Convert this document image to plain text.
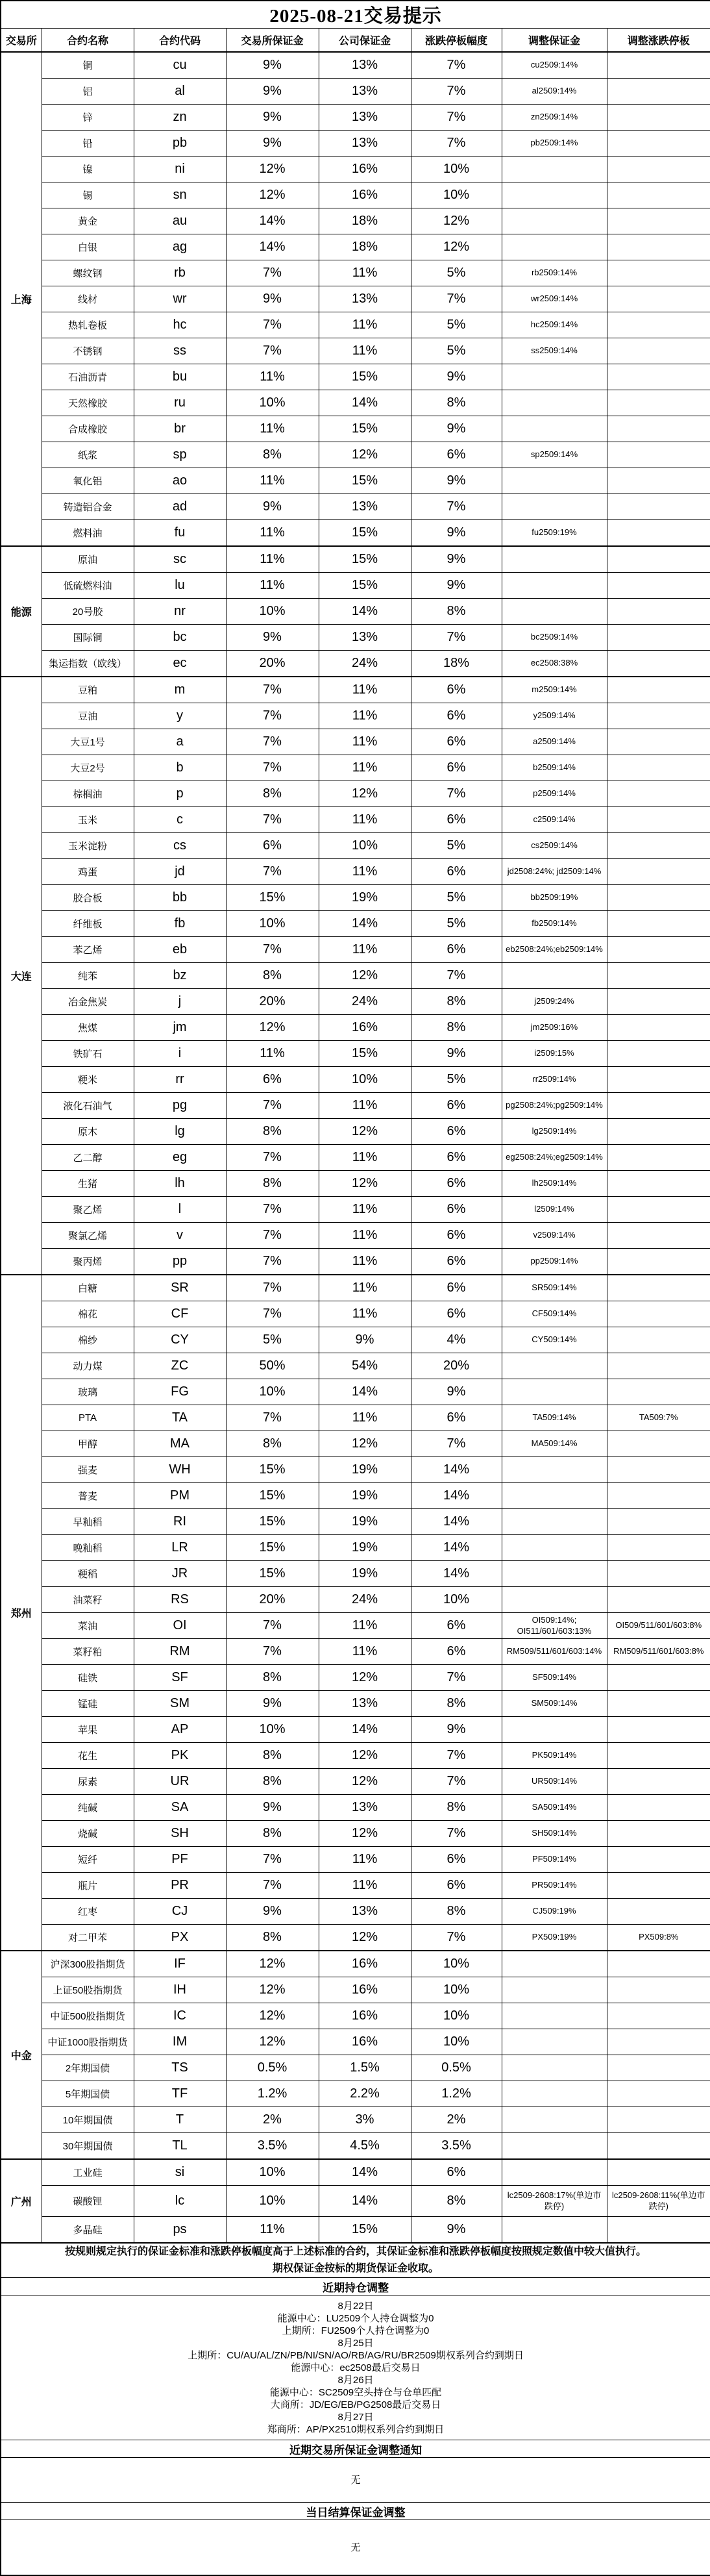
2025-08-21交易提示							
交易所	合约名称	合约代码	交易所保证金	公司保证金	涨跌停板幅度	调整保证金	调整涨跌停板
上海	铜	cu	9%	13%	7%	cu2509:14%	
	铝	al	9%	13%	7%	al2509:14%	
	锌	zn	9%	13%	7%	zn2509:14%	
	铅	pb	9%	13%	7%	pb2509:14%	
	镍	ni	12%	16%	10%		
	锡	sn	12%	16%	10%		
	黄金	au	14%	18%	12%		
	白银	ag	14%	18%	12%		
	螺纹钢	rb	7%	11%	5%	rb2509:14%	
	线材	wr	9%	13%	7%	wr2509:14%	
	热轧卷板	hc	7%	11%	5%	hc2509:14%	
	不锈钢	ss	7%	11%	5%	ss2509:14%	
	石油沥青	bu	11%	15%	9%		
	天然橡胶	ru	10%	14%	8%		
	合成橡胶	br	11%	15%	9%		
	纸浆	sp	8%	12%	6%	sp2509:14%	
	氧化铝	ao	11%	15%	9%		
	铸造铝合金	ad	9%	13%	7%		
	燃料油	fu	11%	15%	9%	fu2509:19%	
能源	原油	sc	11%	15%	9%		
	低硫燃料油	lu	11%	15%	9%		
	20号胶	nr	10%	14%	8%		
	国际铜	bc	9%	13%	7%	bc2509:14%	
	集运指数（欧线）	ec	20%	24%	18%	ec2508:38%	
大连	豆粕	m	7%	11%	6%	m2509:14%	
	豆油	y	7%	11%	6%	y2509:14%	
	大豆1号	a	7%	11%	6%	a2509:14%	
	大豆2号	b	7%	11%	6%	b2509:14%	
	棕榈油	p	8%	12%	7%	p2509:14%	
	玉米	c	7%	11%	6%	c2509:14%	
	玉米淀粉	cs	6%	10%	5%	cs2509:14%	
	鸡蛋	jd	7%	11%	6%	jd2508:24%; jd2509:14%	
	胶合板	bb	15%	19%	5%	bb2509:19%	
	纤维板	fb	10%	14%	5%	fb2509:14%	
	苯乙烯	eb	7%	11%	6%	eb2508:24%;eb2509:14%	
	纯苯	bz	8%	12%	7%		
	冶金焦炭	j	20%	24%	8%	j2509:24%	
	焦煤	jm	12%	16%	8%	jm2509:16%	
	铁矿石	i	11%	15%	9%	i2509:15%	
	粳米	rr	6%	10%	5%	rr2509:14%	
	液化石油气	pg	7%	11%	6%	pg2508:24%;pg2509:14%	
	原木	lg	8%	12%	6%	lg2509:14%	
	乙二醇	eg	7%	11%	6%	eg2508:24%;eg2509:14%	
	生猪	lh	8%	12%	6%	lh2509:14%	
	聚乙烯	l	7%	11%	6%	l2509:14%	
	聚氯乙烯	v	7%	11%	6%	v2509:14%	
	聚丙烯	pp	7%	11%	6%	pp2509:14%	
郑州	白糖	SR	7%	11%	6%	SR509:14%	
	棉花	CF	7%	11%	6%	CF509:14%	
	棉纱	CY	5%	9%	4%	CY509:14%	
	动力煤	ZC	50%	54%	20%		
	玻璃	FG	10%	14%	9%		
	PTA	TA	7%	11%	6%	TA509:14%	TA509:7%
	甲醇	MA	8%	12%	7%	MA509:14%	
	强麦	WH	15%	19%	14%		
	普麦	PM	15%	19%	14%		
	早籼稻	RI	15%	19%	14%		
	晚籼稻	LR	15%	19%	14%		
	粳稻	JR	15%	19%	14%		
	油菜籽	RS	20%	24%	10%		
	菜油	OI	7%	11%	6%	OI509:14%; OI511/601/603:13%	OI509/511/601/603:8%
	菜籽粕	RM	7%	11%	6%	RM509/511/601/603:14%	RM509/511/601/603:8%
	硅铁	SF	8%	12%	7%	SF509:14%	
	锰硅	SM	9%	13%	8%	SM509:14%	
	苹果	AP	10%	14%	9%		
	花生	PK	8%	12%	7%	PK509:14%	
	尿素	UR	8%	12%	7%	UR509:14%	
	纯碱	SA	9%	13%	8%	SA509:14%	
	烧碱	SH	8%	12%	7%	SH509:14%	
	短纤	PF	7%	11%	6%	PF509:14%	
	瓶片	PR	7%	11%	6%	PR509:14%	
	红枣	CJ	9%	13%	8%	CJ509:19%	
	对二甲苯	PX	8%	12%	7%	PX509:19%	PX509:8%
中金	沪深300股指期货	IF	12%	16%	10%		
	上证50股指期货	IH	12%	16%	10%		
	中证500股指期货	IC	12%	16%	10%		
	中证1000股指期货	IM	12%	16%	10%		
	2年期国债	TS	0.5%	1.5%	0.5%		
	5年期国债	TF	1.2%	2.2%	1.2%		
	10年期国债	T	2%	3%	2%		
	30年期国债	TL	3.5%	4.5%	3.5%		
广州	工业硅	si	10%	14%	6%		
	碳酸锂	lc	10%	14%	8%	lc2509-2608:17%(单边市跌停)	lc2509-2608:11%(单边市跌停)
	多晶硅	ps	11%	15%	9%		

按规则规定执行的保证金标准和涨跌停板幅度高于上述标准的合约，其保证金标准和涨跌停板幅度按照规定数值中较大值执行。
期权保证金按标的期货保证金收取。							

近期持仓调整							

8月22日
能源中心：LU2509个人持仓调整为0
上期所：FU2509个人持仓调整为0
8月25日
上期所：CU/AU/AL/ZN/PB/NI/SN/AO/RB/AG/RU/BR2509期权系列合约到期日
能源中心：ec2508最后交易日
8月26日
能源中心：SC2509空头持仓与仓单匹配
大商所：JD/EG/EB/PG2508最后交易日
8月27日
郑商所：AP/PX2510期权系列合约到期日

近期交易所保证金调整通知							

无							

当日结算保证金调整							

无							
